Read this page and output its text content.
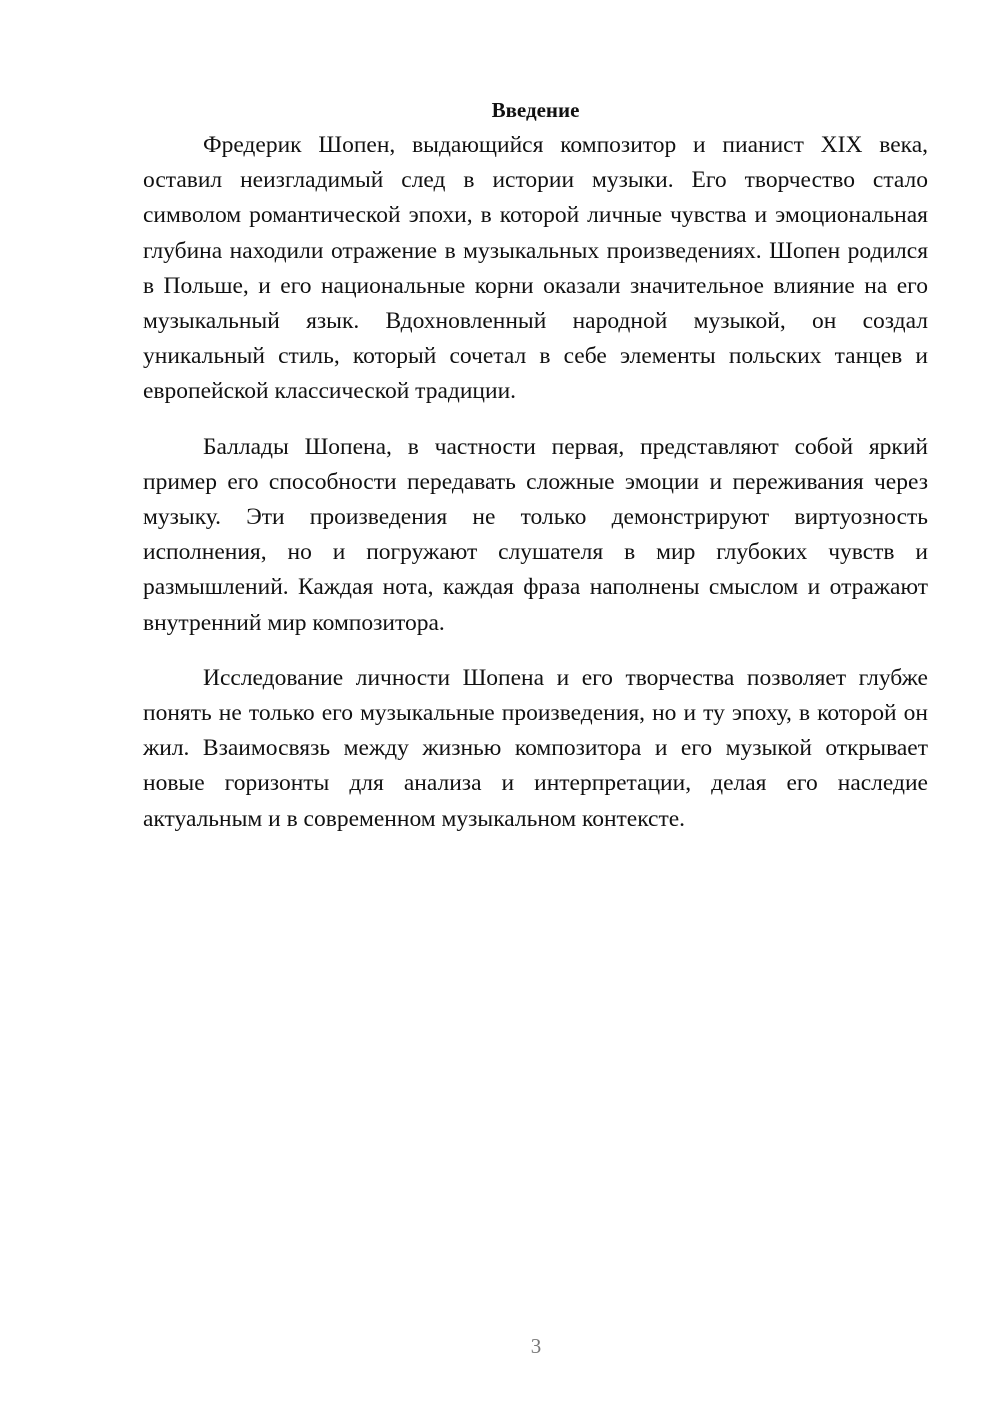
Введение

Фредерик Шопен, выдающийся композитор и пианист XIX века, оставил неизгладимый след в истории музыки. Его творчество стало символом романтической эпохи, в которой личные чувства и эмоциональная глубина находили отражение в музыкальных произведениях. Шопен родился в Польше, и его национальные корни оказали значительное влияние на его музыкальный язык. Вдохновленный народной музыкой, он создал уникальный стиль, который сочетал в себе элементы польских танцев и европейской классической традиции.

Баллады Шопена, в частности первая, представляют собой яркий пример его способности передавать сложные эмоции и переживания через музыку. Эти произведения не только демонстрируют виртуозность исполнения, но и погружают слушателя в мир глубоких чувств и размышлений. Каждая нота, каждая фраза наполнены смыслом и отражают внутренний мир композитора.

Исследование личности Шопена и его творчества позволяет глубже понять не только его музыкальные произведения, но и ту эпоху, в которой он жил. Взаимосвязь между жизнью композитора и его музыкой открывает новые горизонты для анализа и интерпретации, делая его наследие актуальным и в современном музыкальном контексте.

3
